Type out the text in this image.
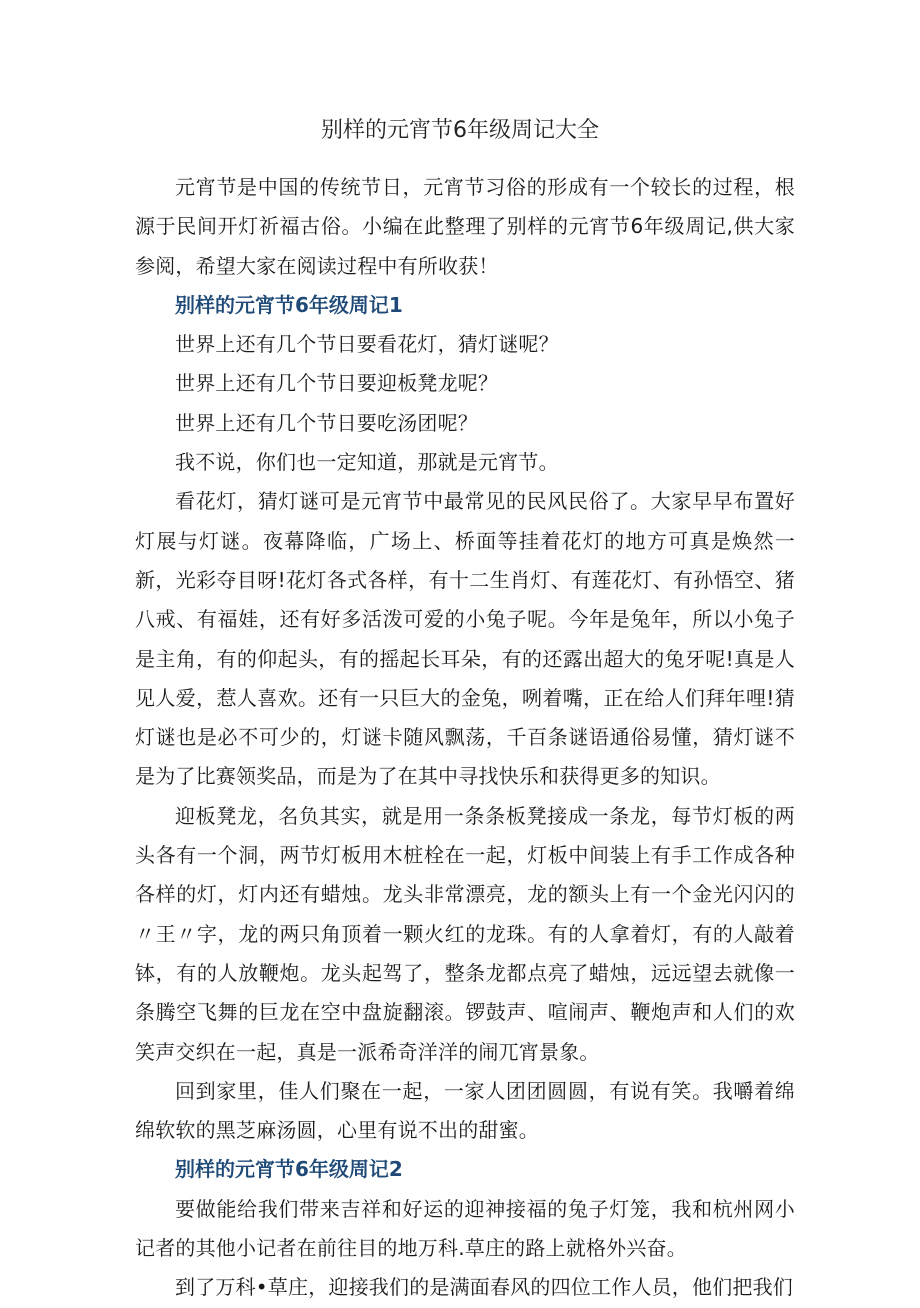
别样的元宵节6年级周记大全

元宵节是中国的传统节日，元宵节习俗的形成有一个较长的过程，根源于民间开灯祈福古俗。小编在此整理了别样的元宵节6年级周记,供大家参阅，希望大家在阅读过程中有所收获！

别样的元宵节6年级周记1

世界上还有几个节日要看花灯，猜灯谜呢？

世界上还有几个节日要迎板凳龙呢？

世界上还有几个节日要吃汤团呢？

我不说，你们也一定知道，那就是元宵节。

看花灯，猜灯谜可是元宵节中最常见的民风民俗了。大家早早布置好灯展与灯谜。夜幕降临，广场上、桥面等挂着花灯的地方可真是焕然一新，光彩夺目呀!花灯各式各样，有十二生肖灯、有莲花灯、有孙悟空、猪八戒、有福娃，还有好多活泼可爱的小兔子呢。今年是兔年，所以小兔子是主角，有的仰起头，有的摇起长耳朵，有的还露出超大的兔牙呢!真是人见人爱，惹人喜欢。还有一只巨大的金兔，咧着嘴，正在给人们拜年哩!猜灯谜也是必不可少的，灯谜卡随风飘荡，千百条谜语通俗易懂，猜灯谜不是为了比赛领奖品，而是为了在其中寻找快乐和获得更多的知识。

迎板凳龙，名负其实，就是用一条条板凳接成一条龙，每节灯板的两头各有一个洞，两节灯板用木桩栓在一起，灯板中间装上有手工作成各种各样的灯，灯内还有蜡烛。龙头非常漂亮，龙的额头上有一个金光闪闪的〃王〃字，龙的两只角顶着一颗火红的龙珠。有的人拿着灯，有的人敲着钵，有的人放鞭炮。龙头起驾了，整条龙都点亮了蜡烛，远远望去就像一条腾空飞舞的巨龙在空中盘旋翻滚。锣鼓声、喧闹声、鞭炮声和人们的欢笑声交织在一起，真是一派希奇洋洋的闹兀宵景象。

回到家里，佳人们聚在一起，一家人团团圆圆，有说有笑。我嚼着绵绵软软的黑芝麻汤圆，心里有说不出的甜蜜。

别样的元宵节6年级周记2

要做能给我们带来吉祥和好运的迎神接福的兔子灯笼，我和杭州网小记者的其他小记者在前往目的地万科.草庄的路上就格外兴奋。

到了万科•草庄，迎接我们的是满面春风的四位工作人员，他们把我们
